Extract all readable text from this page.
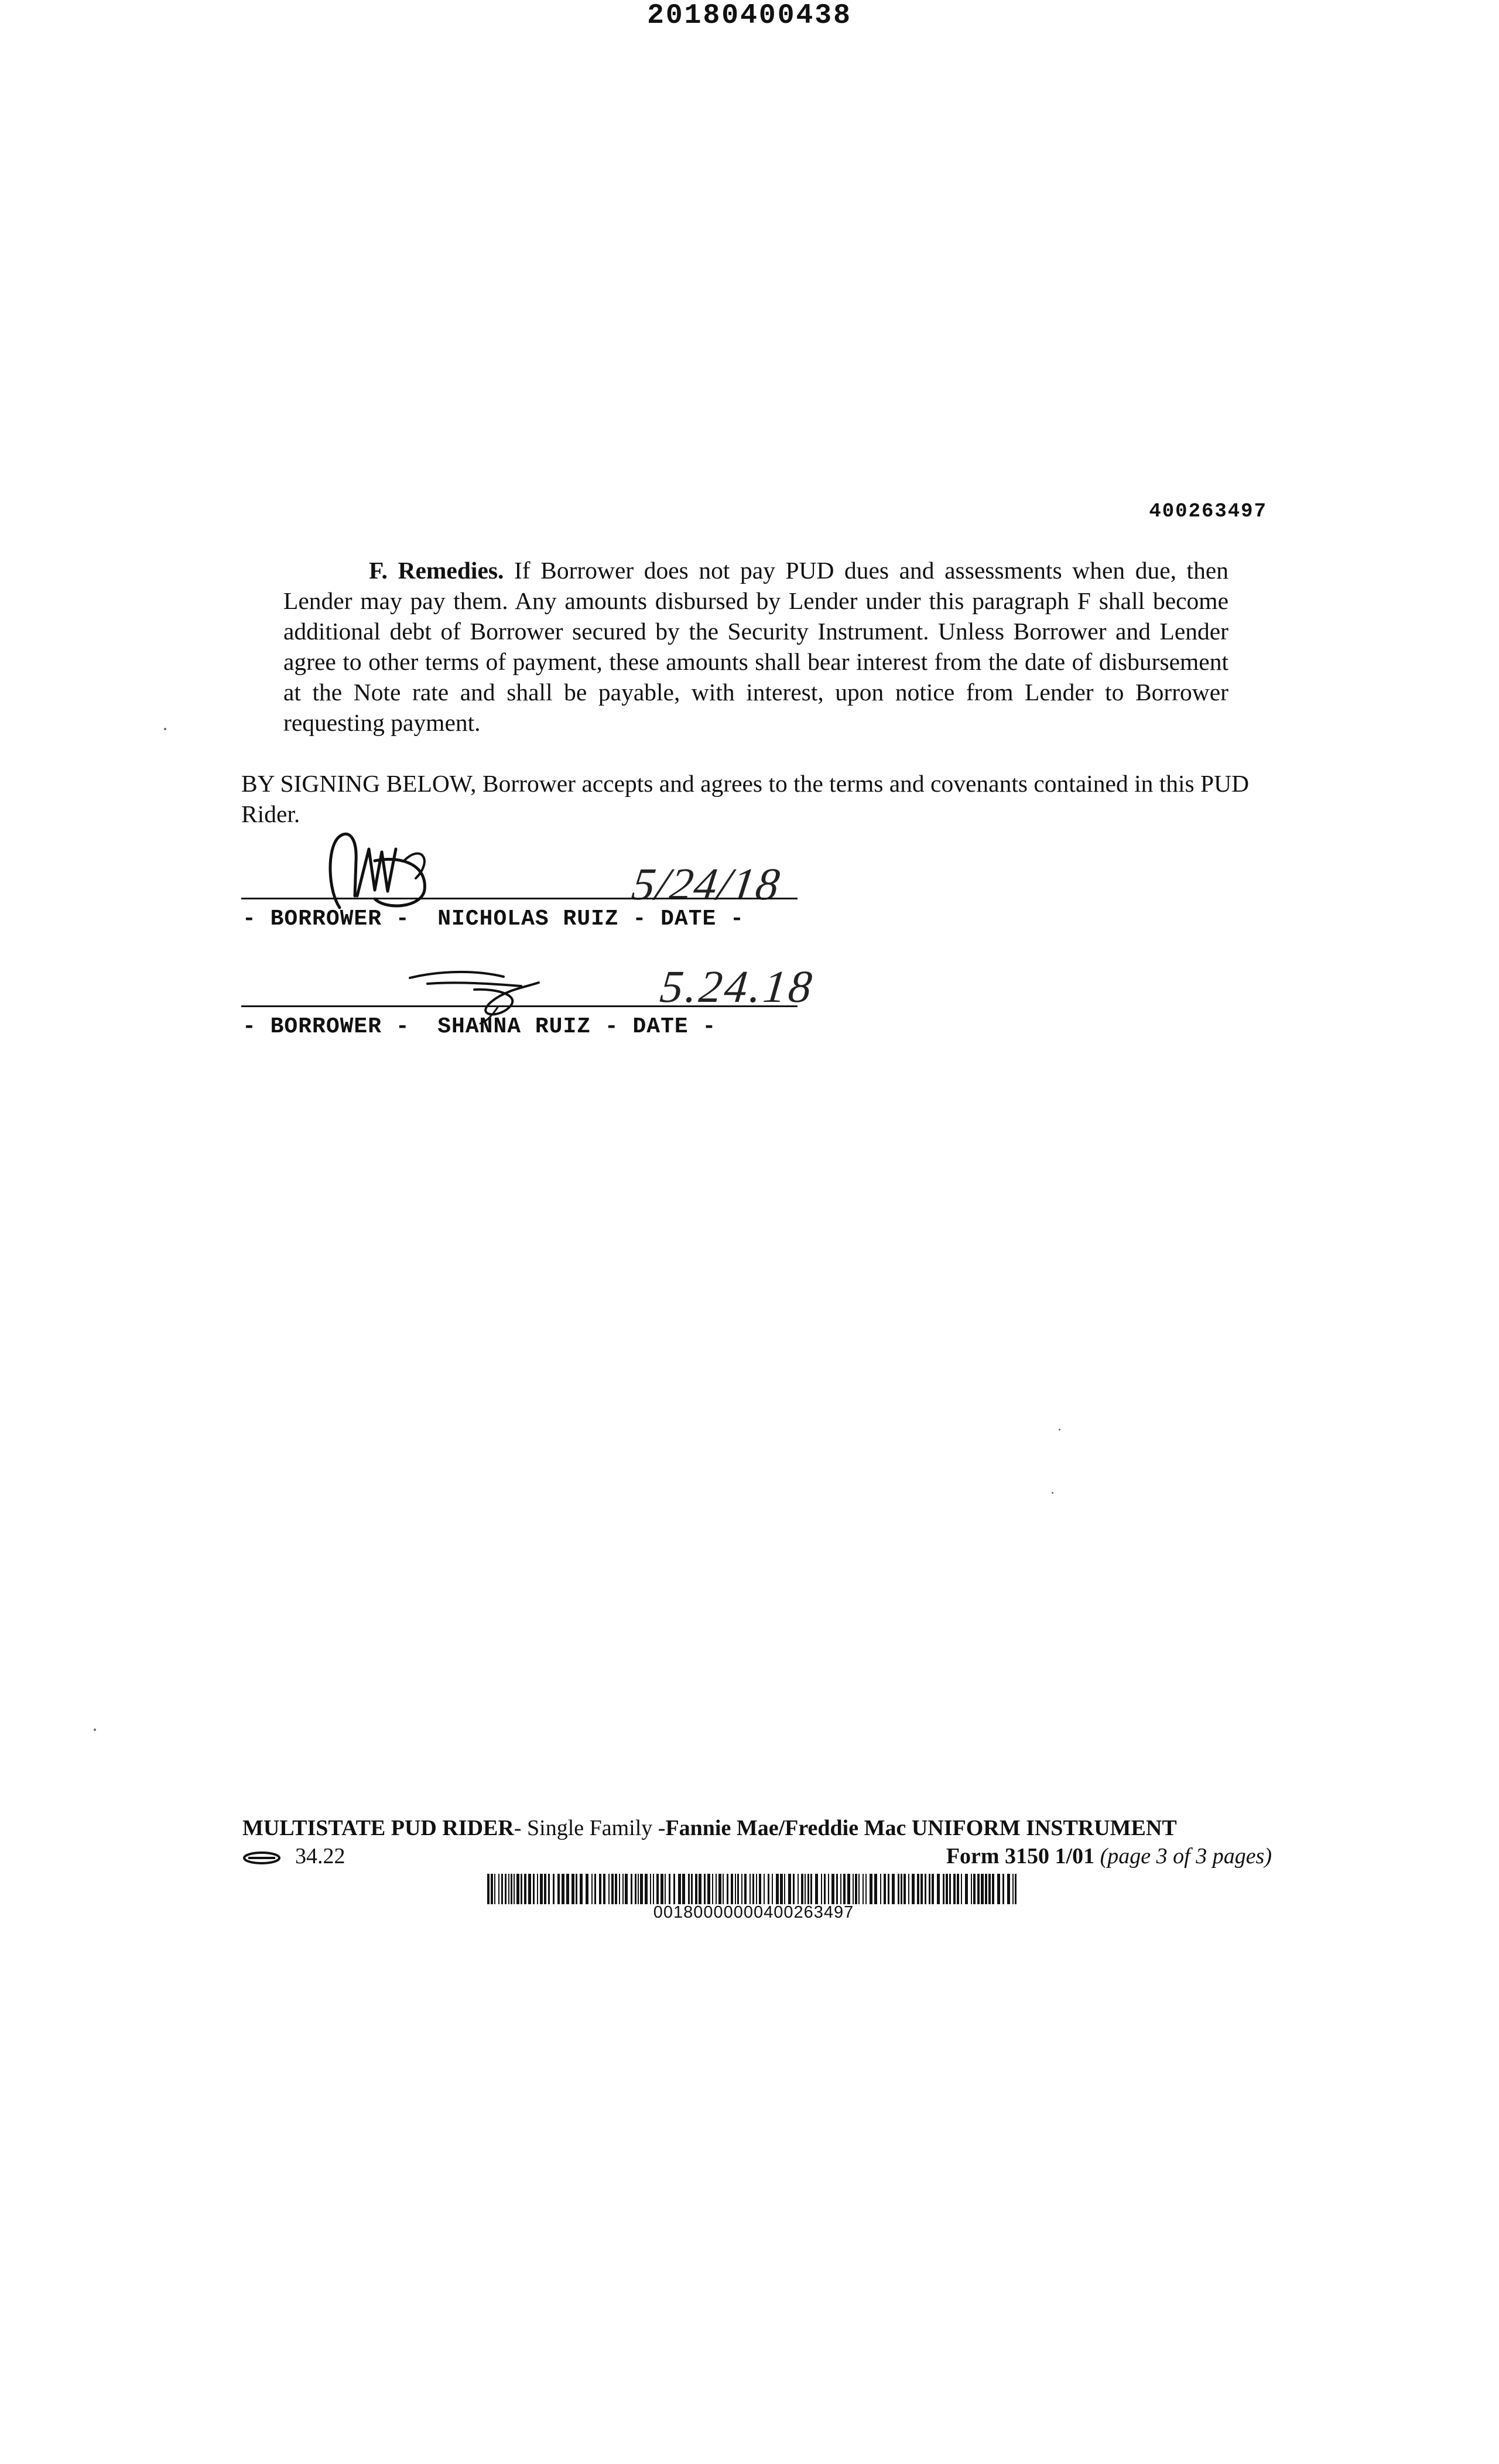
20180400438
400263497

F. Remedies. If Borrower does not pay PUD dues and assessments when due, then Lender may pay them. Any amounts disbursed by Lender under this paragraph F shall become additional debt of Borrower secured by the Security Instrument. Unless Borrower and Lender agree to other terms of payment, these amounts shall bear interest from the date of disbursement at the Note rate and shall be payable, with interest, upon notice from Lender to Borrower requesting payment.

BY SIGNING BELOW, Borrower accepts and agrees to the terms and covenants contained in this PUD Rider.

5/24/18
- BORROWER -  NICHOLAS RUIZ - DATE -
5.24.18
- BORROWER -  SHANNA RUIZ - DATE -
MULTISTATE PUD RIDER- Single Family -Fannie Mae/Freddie Mac UNIFORM INSTRUMENT
34.22	Form 3150 1/01 (page 3 of 3 pages)
00180000000400263497
